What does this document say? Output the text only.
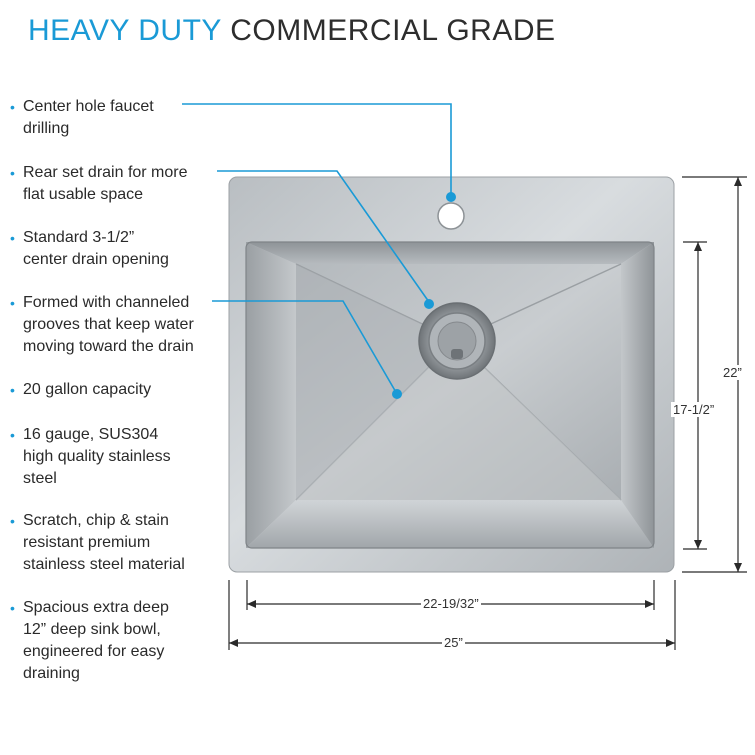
HEAVY DUTY COMMERCIAL GRADE
• Center hole faucet
drilling
• Rear set drain for more
flat usable space
• Standard 3-1/2”
center drain opening
• Formed with channeled
grooves that keep water
moving toward the drain
• 20 gallon capacity
• 16 gauge, SUS304
high quality stainless
steel
• Scratch, chip & stain
resistant premium
stainless steel material
• Spacious extra deep
12” deep sink bowl,
engineered for easy
draining
22”
17-1/2”
22-19/32”
25”
